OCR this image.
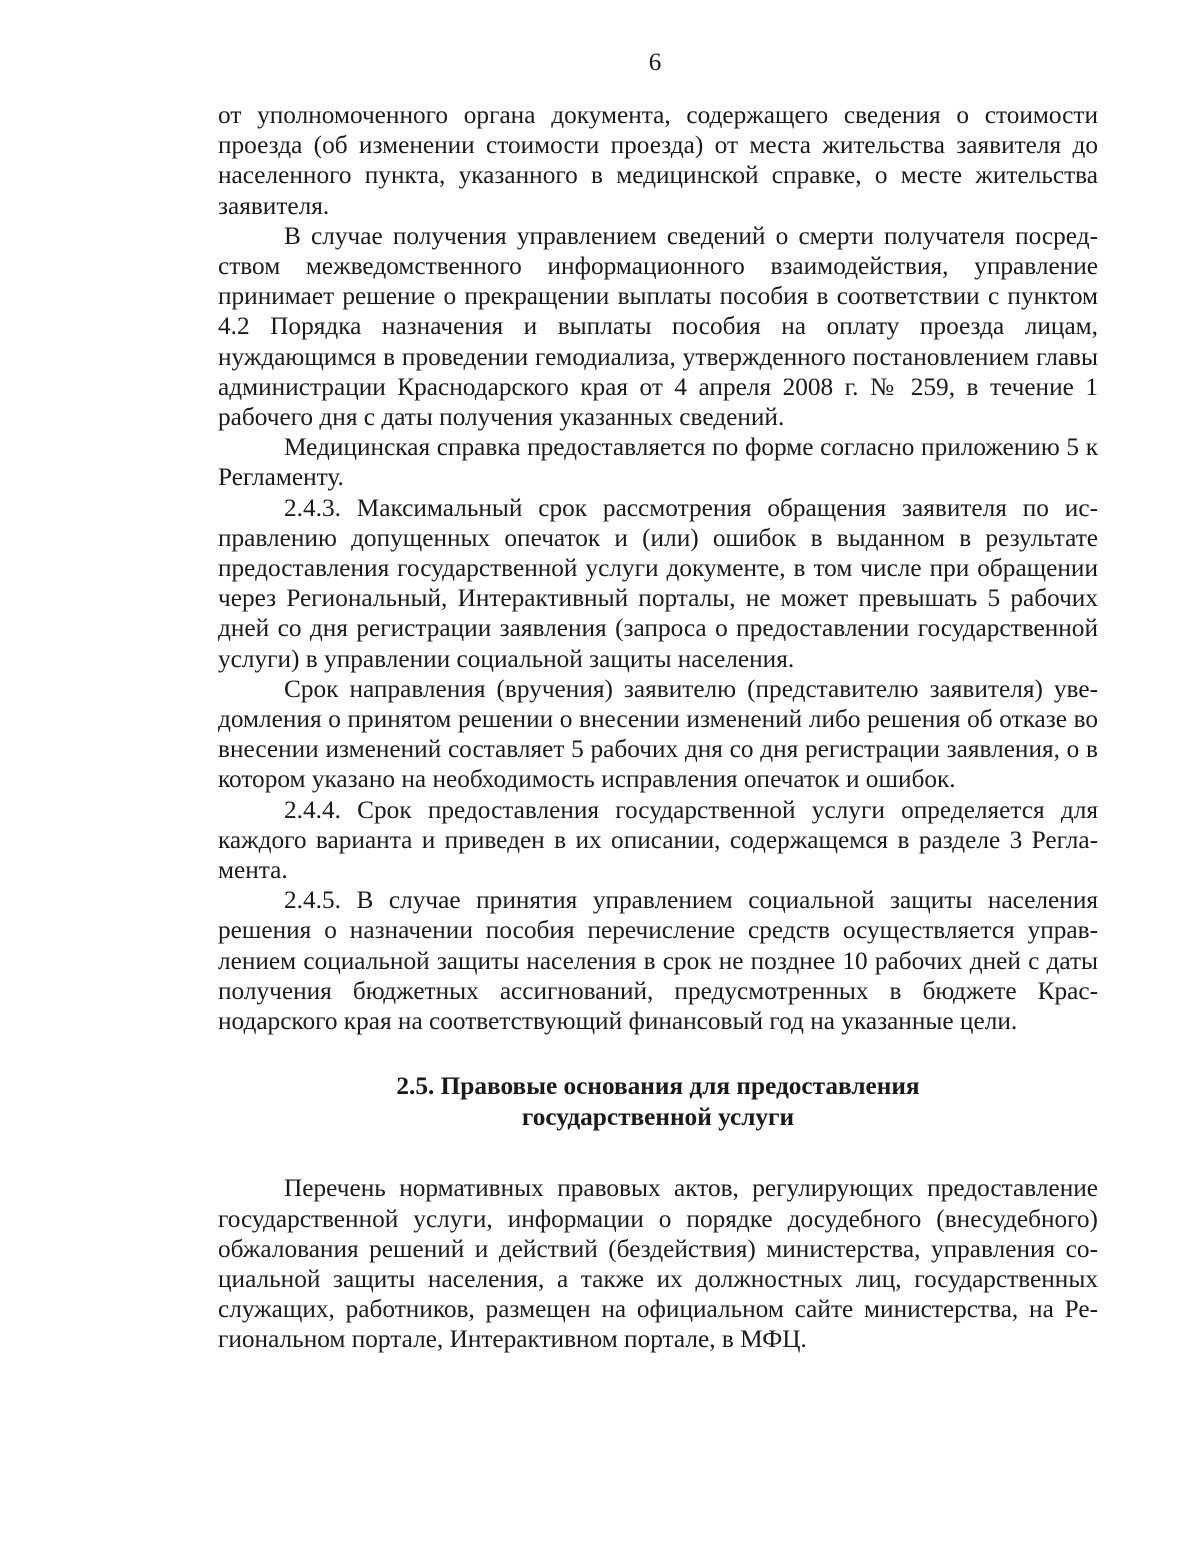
6

от уполномоченного органа документа, содержащего сведения о стоимости проезда (об изменении стоимости проезда) от места жительства заявителя до населенного пункта, указанного в медицинской справке, о месте жительства заявителя.

В случае получения управлением сведений о смерти получателя посредством межведомственного информационного взаимодействия, управление принимает решение о прекращении выплаты пособия в соответствии с пунктом 4.2 Порядка назначения и выплаты пособия на оплату проезда лицам, нуждающимся в проведении гемодиализа, утвержденного постановлением главы администрации Краснодарского края от 4 апреля 2008 г. № 259, в течение 1 рабочего дня с даты получения указанных сведений.

Медицинская справка предоставляется по форме согласно приложению 5 к Регламенту.

2.4.3. Максимальный срок рассмотрения обращения заявителя по исправлению допущенных опечаток и (или) ошибок в выданном в результате предоставления государственной услуги документе, в том числе при обращении через Региональный, Интерактивный порталы, не может превышать 5 рабочих дней со дня регистрации заявления (запроса о предоставлении государственной услуги) в управлении социальной защиты населения.

Срок направления (вручения) заявителю (представителю заявителя) уведомления о принятом решении о внесении изменений либо решения об отказе во внесении изменений составляет 5 рабочих дня со дня регистрации заявления, о в котором указано на необходимость исправления опечаток и ошибок.

2.4.4. Срок предоставления государственной услуги определяется для каждого варианта и приведен в их описании, содержащемся в разделе 3 Регламента.

2.4.5. В случае принятия управлением социальной защиты населения решения о назначении пособия перечисление средств осуществляется управлением социальной защиты населения в срок не позднее 10 рабочих дней с даты получения бюджетных ассигнований, предусмотренных в бюджете Краснодарского края на соответствующий финансовый год на указанные цели.

2.5. Правовые основания для предоставления
государственной услуги

Перечень нормативных правовых актов, регулирующих предоставление государственной услуги, информации о порядке досудебного (внесудебного) обжалования решений и действий (бездействия) министерства, управления социальной защиты населения, а также их должностных лиц, государственных служащих, работников, размещен на официальном сайте министерства, на Региональном портале, Интерактивном портале, в МФЦ.
